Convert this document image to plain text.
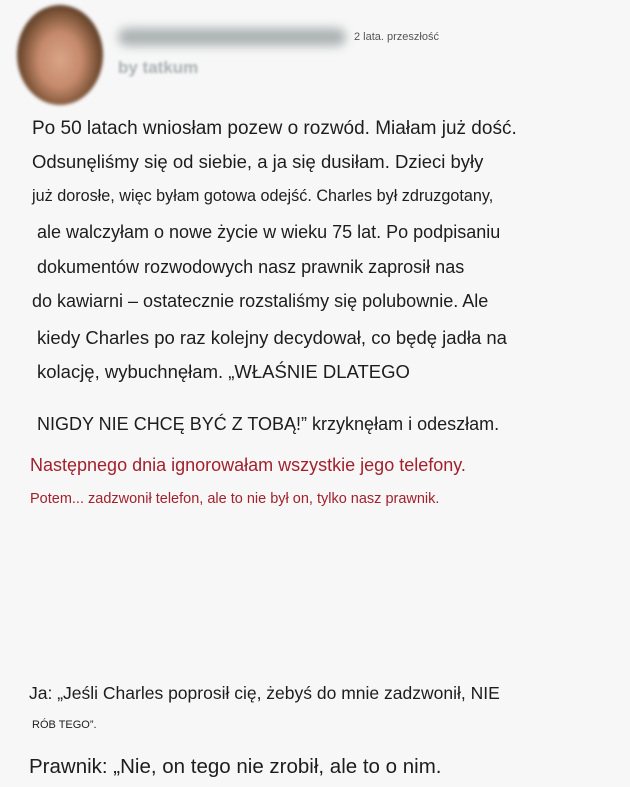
by tatkum
2 lata. przeszłość
Po 50 latach wniosłam pozew o rozwód. Miałam już dość.
Odsunęliśmy się od siebie, a ja się dusiłam. Dzieci były
już dorosłe, więc byłam gotowa odejść. Charles był zdruzgotany,
ale walczyłam o nowe życie w wieku 75 lat. Po podpisaniu
dokumentów rozwodowych nasz prawnik zaprosił nas
do kawiarni – ostatecznie rozstaliśmy się polubownie. Ale
kiedy Charles po raz kolejny decydował, co będę jadła na
kolację, wybuchnęłam. „WŁAŚNIE DLATEGO
NIGDY NIE CHCĘ BYĆ Z TOBĄ!” krzyknęłam i odeszłam.
Następnego dnia ignorowałam wszystkie jego telefony.
Potem... zadzwonił telefon, ale to nie był on, tylko nasz prawnik.
Ja: „Jeśli Charles poprosił cię, żebyś do mnie zadzwonił, NIE
RÓB TEGO”.
Prawnik: „Nie, on tego nie zrobił, ale to o nim.
